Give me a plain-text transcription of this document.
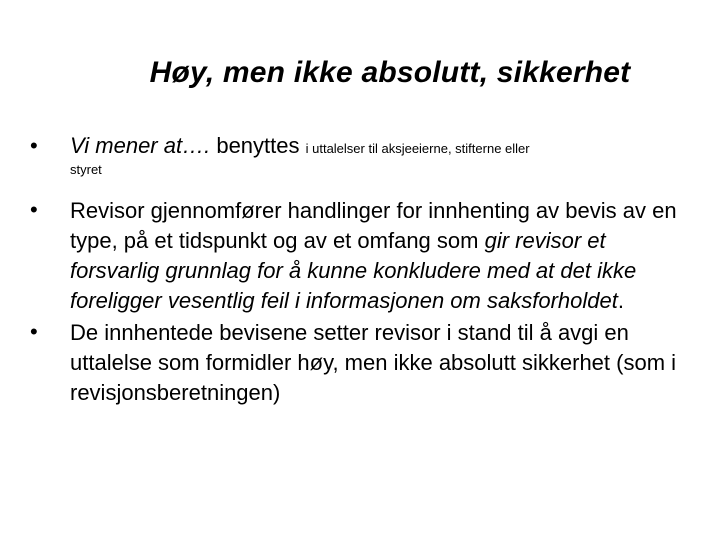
Høy, men ikke absolutt, sikkerhet
• Vi mener at…. benyttes i uttalelser til aksjeeierne, stifterne eller
styret
• Revisor gjennomfører handlinger for innhenting av bevis av en type, på et tidspunkt og av et omfang som gir revisor et forsvarlig grunnlag for å kunne konkludere med at det ikke foreligger vesentlig feil i informasjonen om saksforholdet.
• De innhentede bevisene setter revisor i stand til å avgi en uttalelse som formidler høy, men ikke absolutt sikkerhet (som i revisjonsberetningen)
